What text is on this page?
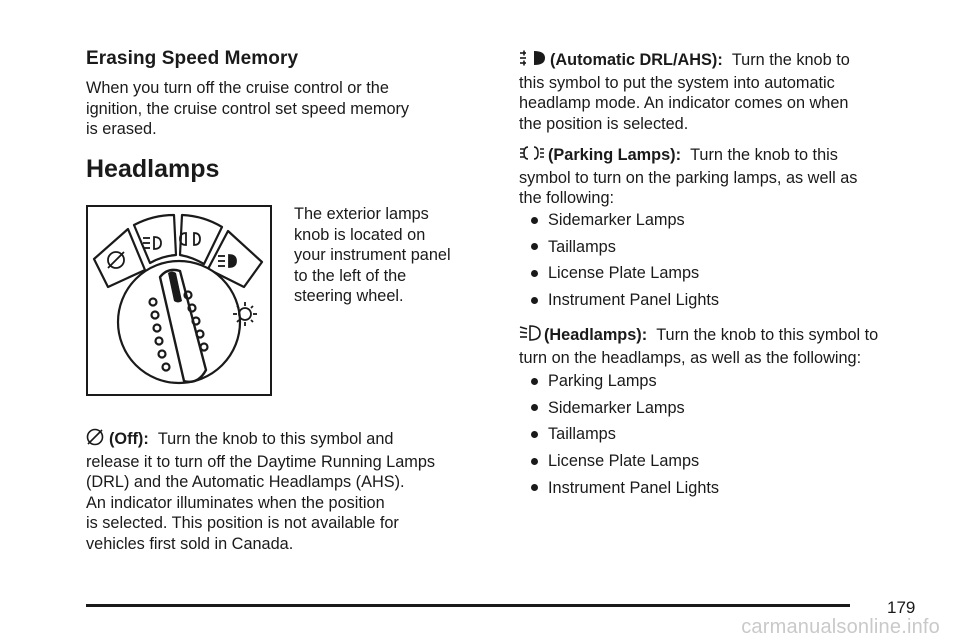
Erasing Speed Memory

When you turn off the cruise control or the

ignition, the cruise control set speed memory

is erased.

Headlamps

The exterior lamps

knob is located on

your instrument panel

to the left of the

steering wheel.

(Off): Turn the knob to this symbol and

release it to turn off the Daytime Running Lamps

(DRL) and the Automatic Headlamps (AHS).

An indicator illuminates when the position

is selected. This position is not available for

vehicles first sold in Canada.

(Automatic DRL/AHS): Turn the knob to

this symbol to put the system into automatic

headlamp mode. An indicator comes on when

the position is selected.

(Parking Lamps): Turn the knob to this

symbol to turn on the parking lamps, as well as

the following:

Sidemarker Lamps
Taillamps
License Plate Lamps
Instrument Panel Lights

(Headlamps): Turn the knob to this symbol to

turn on the headlamps, as well as the following:

Parking Lamps
Sidemarker Lamps
Taillamps
License Plate Lamps
Instrument Panel Lights
179
carmanualsonline.info
